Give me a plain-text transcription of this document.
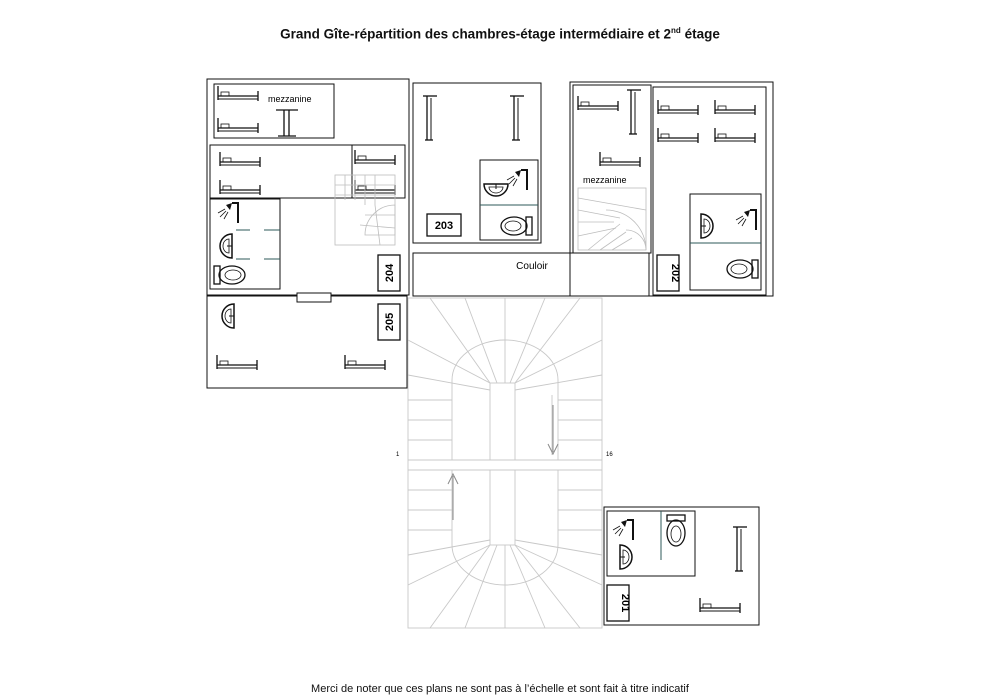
Grand Gîte-répartition des chambres-étage intermédiaire et 2nd étage
mezzanine
204
205
203
Couloir
mezzanine
202
1	16
201
Merci de noter que ces plans ne sont pas à l’échelle et sont fait à titre indicatif
